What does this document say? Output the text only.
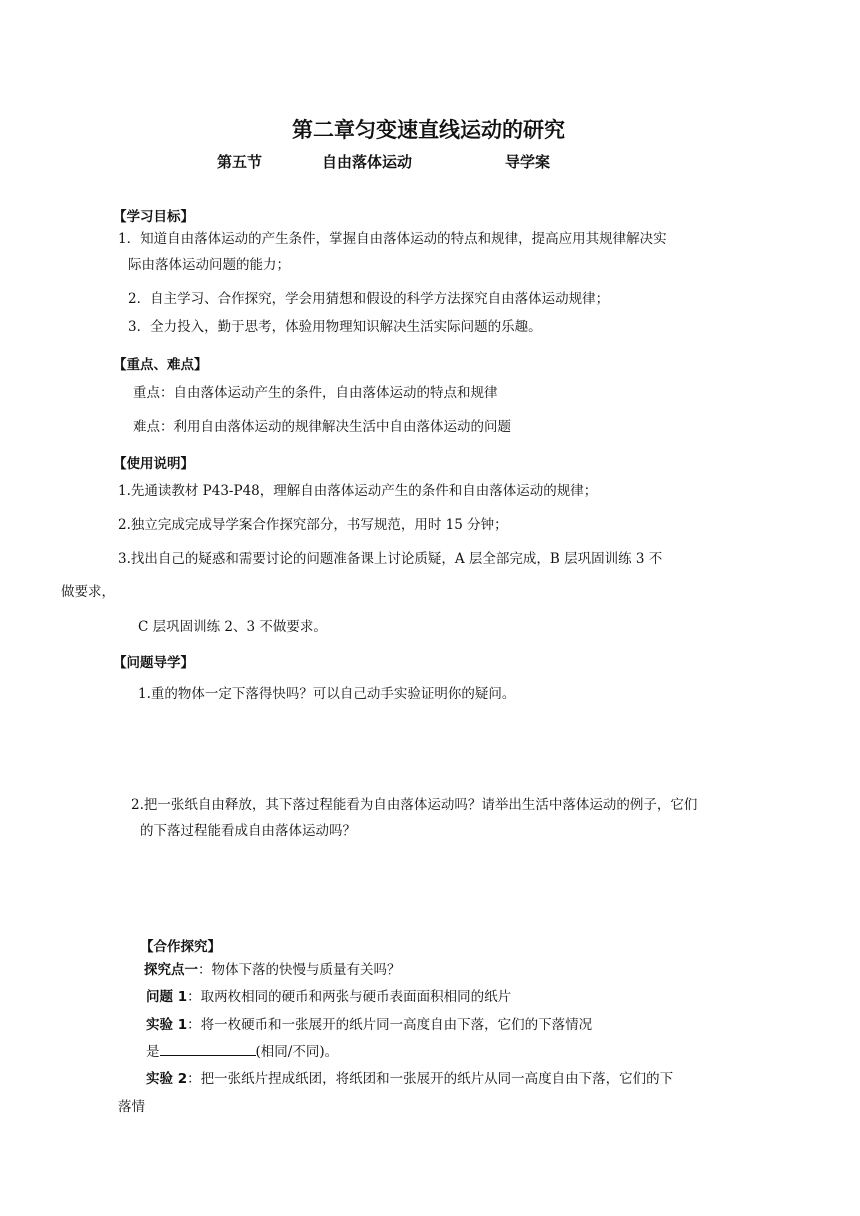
第二章匀变速直线运动的研究
第五节	自由落体运动	导学案
【学习目标】
1．知道自由落体运动的产生条件，掌握自由落体运动的特点和规律，提高应用其规律解决实
际由落体运动问题的能力；
2．自主学习、合作探究，学会用猜想和假设的科学方法探究自由落体运动规律；
3．全力投入，勤于思考，体验用物理知识解决生活实际问题的乐趣。
【重点、难点】
重点：自由落体运动产生的条件，自由落体运动的特点和规律
难点：利用自由落体运动的规律解决生活中自由落体运动的问题
【使用说明】
1.先通读教材 P43-P48，理解自由落体运动产生的条件和自由落体运动的规律；
2.独立完成完成导学案合作探究部分，书写规范，用时 15 分钟；
3.找出自己的疑惑和需要讨论的问题准备课上讨论质疑，A 层全部完成，B 层巩固训练 3 不
做要求，
C 层巩固训练 2、3 不做要求。
【问题导学】
1.重的物体一定下落得快吗？可以自己动手实验证明你的疑问。
2.把一张纸自由释放，其下落过程能看为自由落体运动吗？请举出生活中落体运动的例子，它们
的下落过程能看成自由落体运动吗？
【合作探究】
探究点一：物体下落的快慢与质量有关吗？
问题 1：取两枚相同的硬币和两张与硬币表面面积相同的纸片
实验 1：将一枚硬币和一张展开的纸片同一高度自由下落，它们的下落情况
是	(相同/不同)。
实验 2：把一张纸片捏成纸团，将纸团和一张展开的纸片从同一高度自由下落，它们的下
落情
